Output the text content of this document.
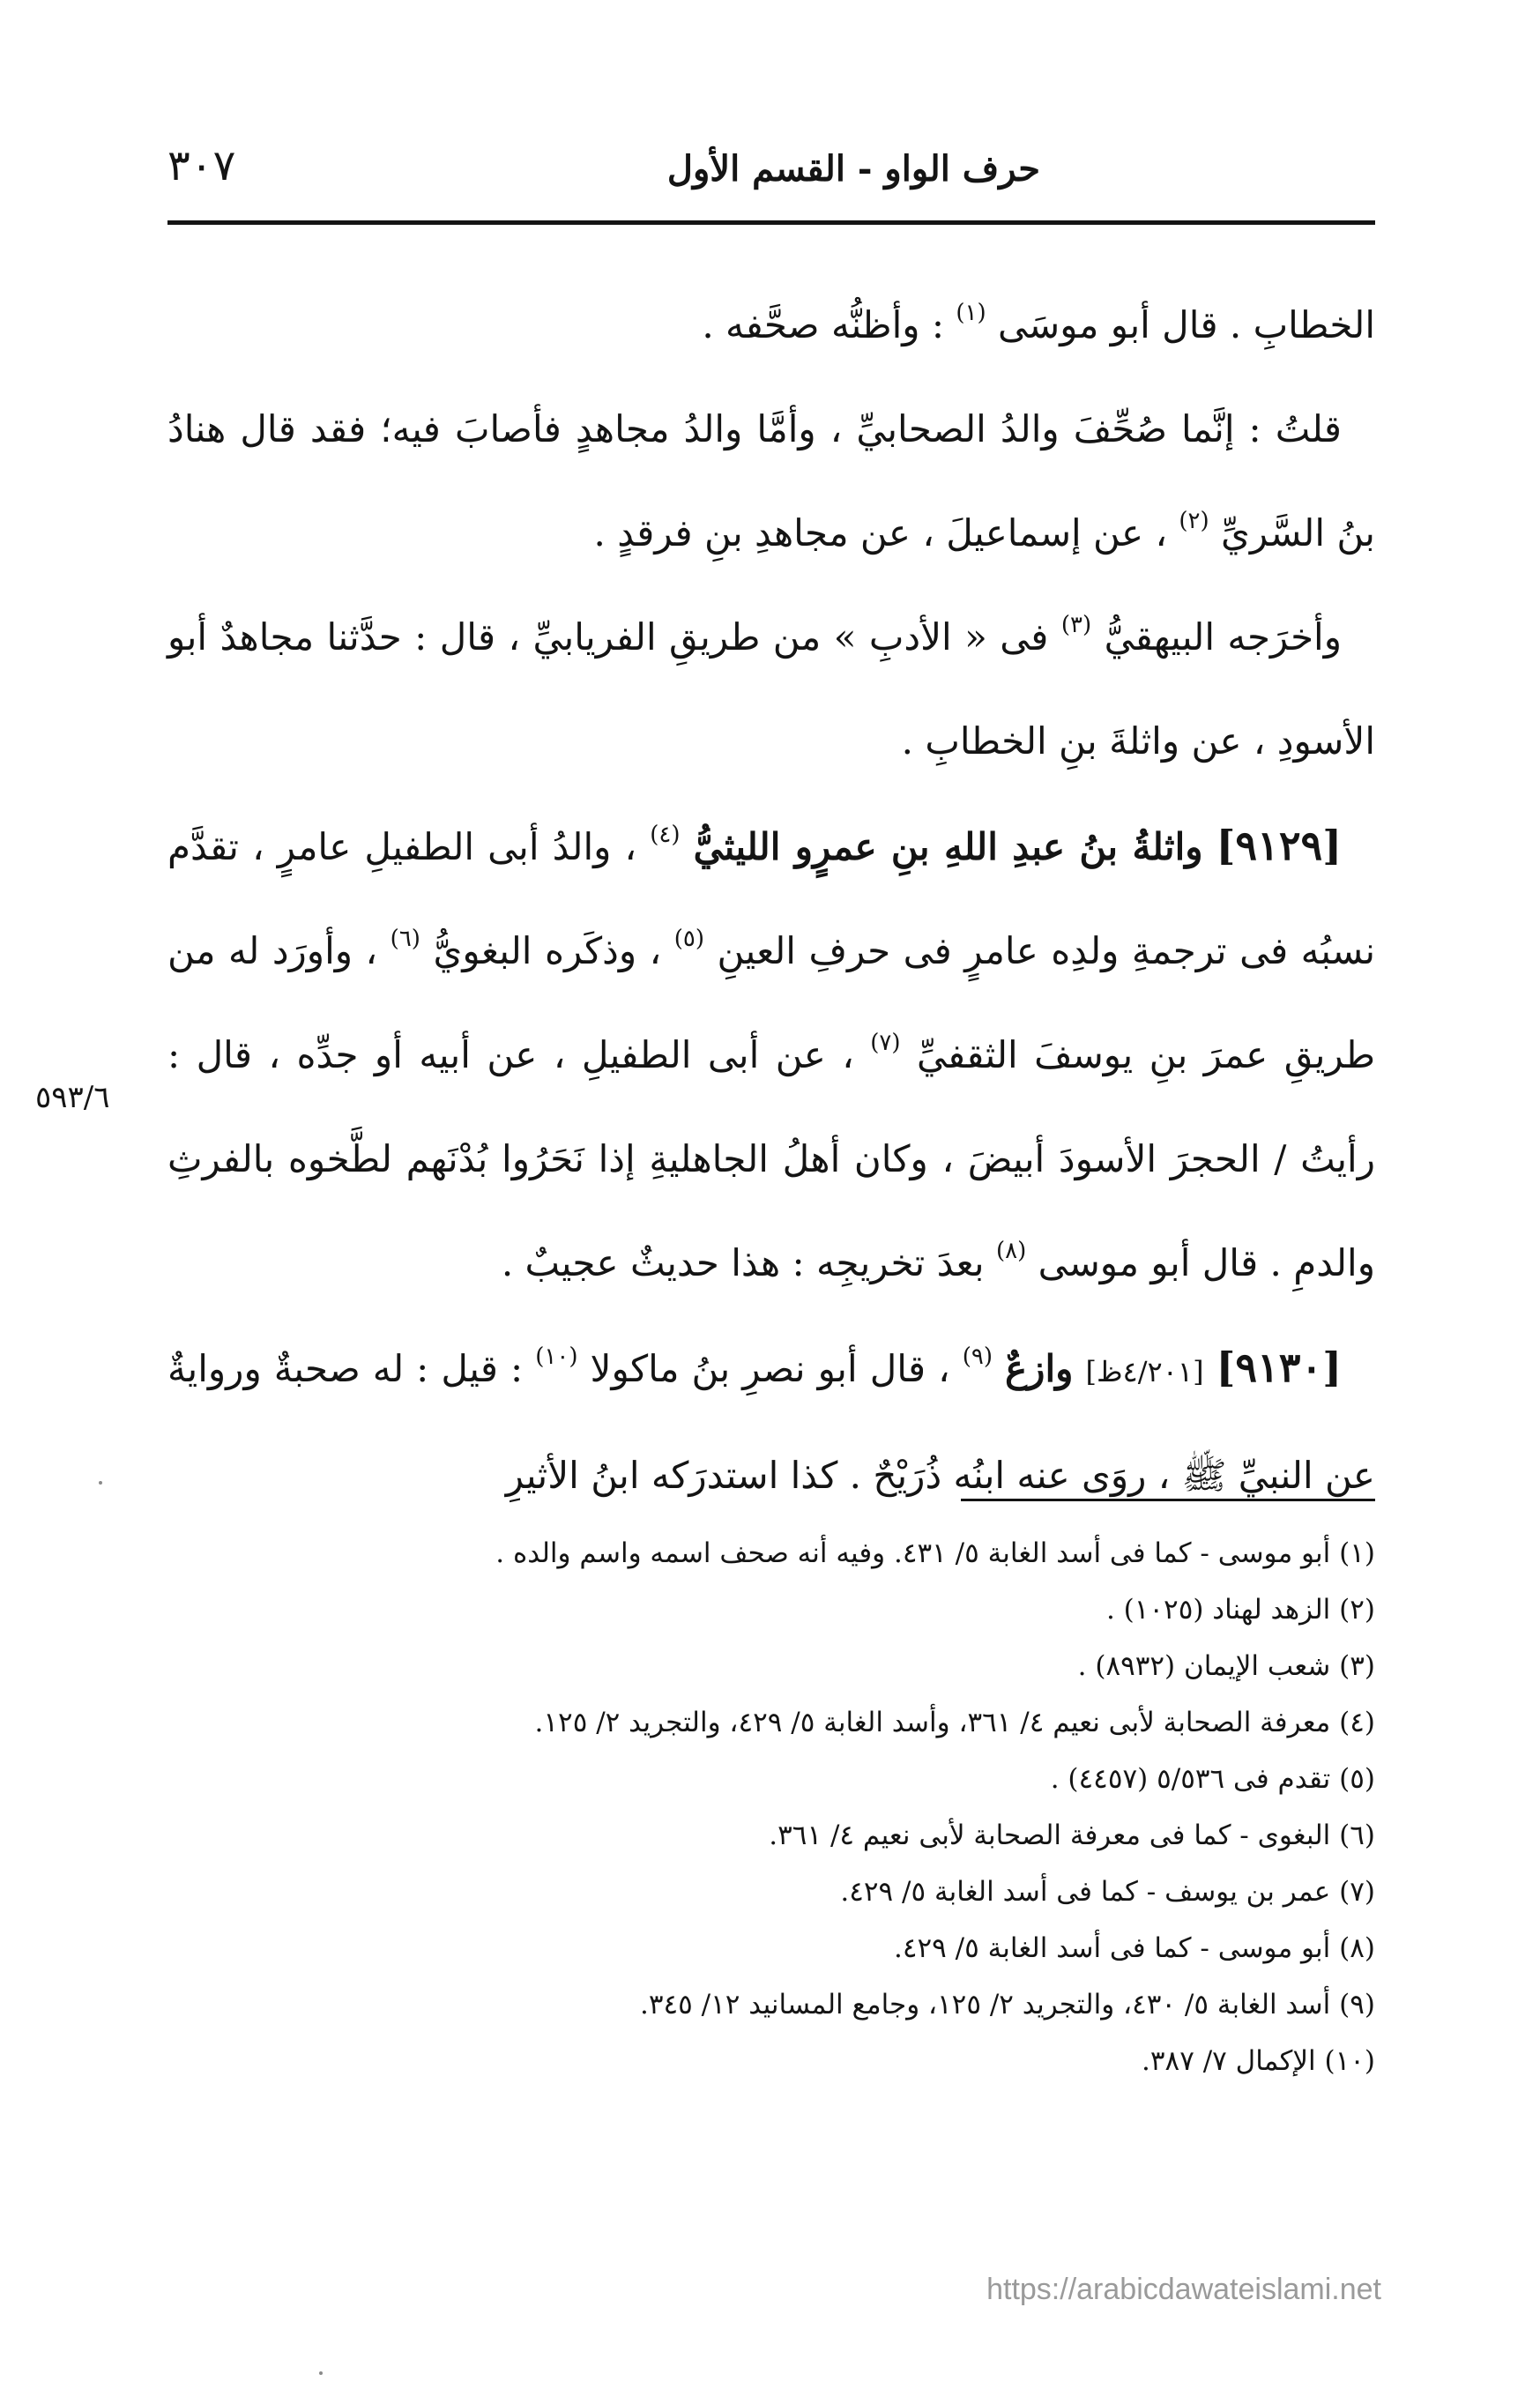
٣٠٧	حرف الواو - القسم الأول

الخطابِ . قال أبو موسَى $^{(١)}$ : وأظنُّه صحَّفه .

قلتُ : إنَّما صُحِّفَ والدُ الصحابيِّ ، وأمَّا والدُ مجاهدٍ فأصابَ فيه؛ فقد قال هنادُ بنُ السَّريِّ $^{(٢)}$ ، عن إسماعيلَ ، عن مجاهدِ بنِ فرقدٍ .

وأخرَجه البيهقيُّ $^{(٣)}$ فى « الأدبِ » من طريقِ الفريابيِّ ، قال : حدَّثنا مجاهدٌ أبو الأسودِ ، عن واثلةَ بنِ الخطابِ .

[٩١٢٩] واثلةُ بنُ عبدِ اللهِ بنِ عمرٍو الليثيُّ $^{(٤)}$ ، والدُ أبى الطفيلِ عامرٍ ، تقدَّم نسبُه فى ترجمةِ ولدِه عامرٍ فى حرفِ العينِ $^{(٥)}$ ، وذكَره البغويُّ $^{(٦)}$ ، وأورَد له من طريقِ عمرَ بنِ يوسفَ الثقفيِّ $^{(٧)}$ ، عن أبى الطفيلِ ، عن أبيه أو جدِّه ، قال : رأيتُ / الحجرَ الأسودَ أبيضَ ، وكان أهلُ الجاهليةِ إذا نَحَرُوا بُدْنَهم لطَّخوه بالفرثِ والدمِ . قال أبو موسى $^{(٨)}$ بعدَ تخريجِه : هذا حديثٌ عجيبٌ .

[٩١٣٠] [٤/٢٠١ظ] وازعٌ $^{(٩)}$ ، قال أبو نصرِ بنُ ماكولا $^{(١٠)}$ : قيل : له صحبةٌ وروايةٌ عن النبيِّ ﷺ ، روَى عنه ابنُه ذُرَيْحٌ . كذا استدرَكه ابنُ الأثيرِ

٥٩٣/٦

(١) أبو موسى - كما فى أسد الغابة ٥/ ٤٣١. وفيه أنه صحف اسمه واسم والده .

(٢) الزهد لهناد (١٠٢٥) .

(٣) شعب الإيمان (٨٩٣٢) .

(٤) معرفة الصحابة لأبى نعيم ٤/ ٣٦١، وأسد الغابة ٥/ ٤٢٩، والتجريد ٢/ ١٢٥.

(٥) تقدم فى ٥/٥٣٦ (٤٤٥٧) .

(٦) البغوى - كما فى معرفة الصحابة لأبى نعيم ٤/ ٣٦١.

(٧) عمر بن يوسف - كما فى أسد الغابة ٥/ ٤٢٩.

(٨) أبو موسى - كما فى أسد الغابة ٥/ ٤٢٩.

(٩) أسد الغابة ٥/ ٤٣٠، والتجريد ٢/ ١٢٥، وجامع المسانيد ١٢/ ٣٤٥.

(١٠) الإكمال ٧/ ٣٨٧.

https://arabicdawateislami.net
